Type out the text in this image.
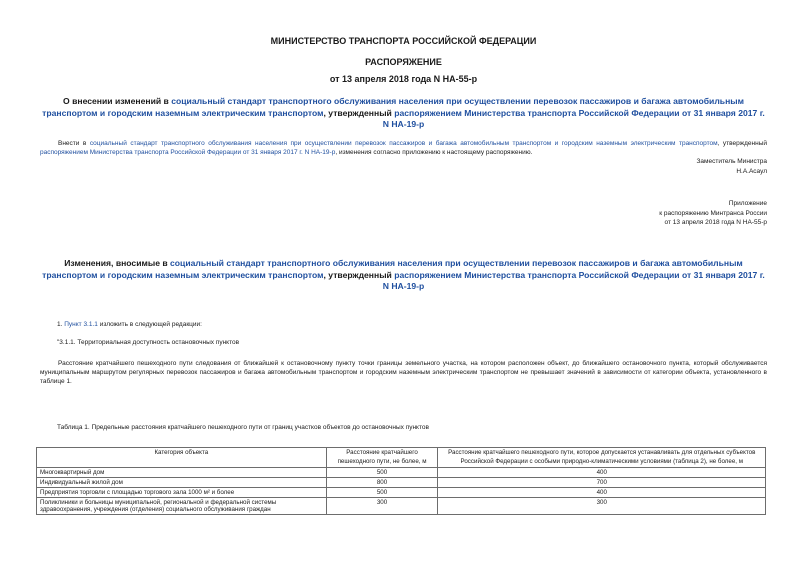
МИНИСТЕРСТВО ТРАНСПОРТА РОССИЙСКОЙ ФЕДЕРАЦИИ
РАСПОРЯЖЕНИЕ
от 13 апреля 2018 года N НА-55-р
О внесении изменений в социальный стандарт транспортного обслуживания населения при осуществлении перевозок пассажиров и багажа автомобильным транспортом и городским наземным электрическим транспортом, утвержденный распоряжением Министерства транспорта Российской Федерации от 31 января 2017 г. N НА-19-р
Внести в социальный стандарт транспортного обслуживания населения при осуществлении перевозок пассажиров и багажа автомобильным транспортом и городским наземным электрическим транспортом, утвержденный распоряжением Министерства транспорта Российской Федерации от 31 января 2017 г. N НА-19-р, изменения согласно приложению к настоящему распоряжению.
Заместитель Министра
Н.А.Асаул
Приложение
к распоряжению Минтранса России
от 13 апреля 2018 года N НА-55-р
Изменения, вносимые в социальный стандарт транспортного обслуживания населения при осуществлении перевозок пассажиров и багажа автомобильным транспортом и городским наземным электрическим транспортом, утвержденный распоряжением Министерства транспорта Российской Федерации от 31 января 2017 г. N НА-19-р
1. Пункт 3.1.1 изложить в следующей редакции:
"3.1.1. Территориальная доступность остановочных пунктов
Расстояние кратчайшего пешеходного пути следования от ближайшей к остановочному пункту точки границы земельного участка, на котором расположен объект, до ближайшего остановочного пункта, который обслуживается муниципальным маршрутом регулярных перевозок пассажиров и багажа автомобильным транспортом и городским наземным электрическим транспортом не превышает значений в зависимости от категории объекта, установленного в таблице 1.
Таблица 1. Предельные расстояния кратчайшего пешеходного пути от границ участков объектов до остановочных пунктов
Категория объекта	Расстояние кратчайшего пешеходного пути, не более, м	Расстояние кратчайшего пешеходного пути, которое допускается устанавливать для отдельных субъектов Российской Федерации с особыми природно-климатическими условиями (таблица 2), не более, м
Многоквартирный дом	500	400
Индивидуальный жилой дом	800	700
Предприятия торговли с площадью торгового зала 1000 м² и более	500	400
Поликлиники и больницы муниципальной, региональной и федеральной системы здравоохранения, учреждения (отделения) социального обслуживания граждан	300	300
